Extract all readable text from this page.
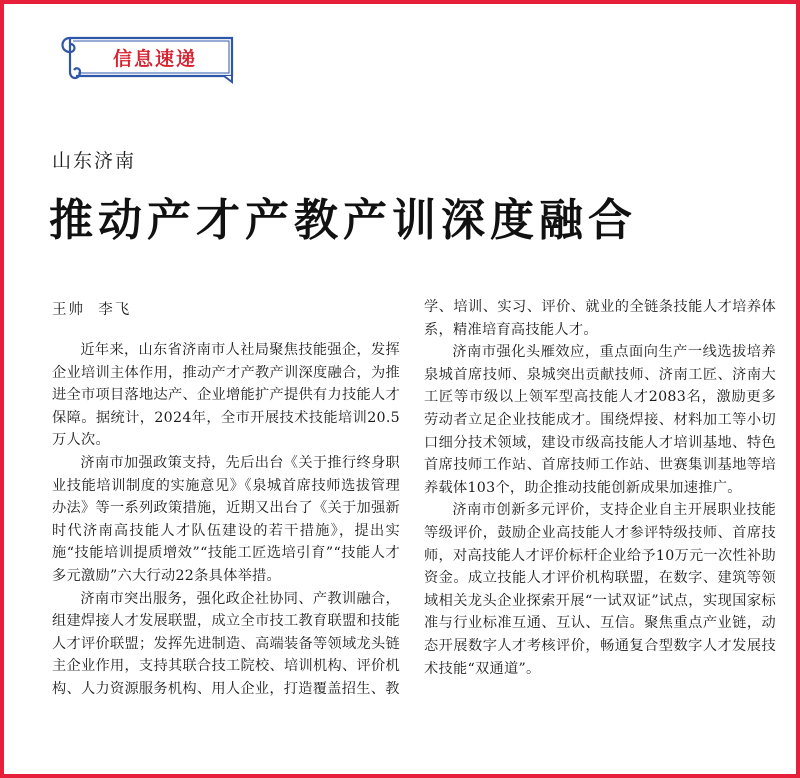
信息速递
山东济南
推动产才产教产训深度融合
王帅  李飞

近年来，山东省济南市人社局聚焦技能强企，发挥企业培训主体作用，推动产才产教产训深度融合，为推进全市项目落地达产、企业增能扩产提供有力技能人才保障。据统计，2024年，全市开展技术技能培训20.5万人次。

济南市加强政策支持，先后出台《关于推行终身职业技能培训制度的实施意见》《泉城首席技师选拔管理办法》等一系列政策措施，近期又出台了《关于加强新时代济南高技能人才队伍建设的若干措施》，提出实施“技能培训提质增效”“技能工匠选培引育”“技能人才多元激励”六大行动22条具体举措。

济南市突出服务，强化政企社协同、产教训融合，组建焊接人才发展联盟，成立全市技工教育联盟和技能人才评价联盟；发挥先进制造、高端装备等领域龙头链主企业作用，支持其联合技工院校、培训机构、评价机构、人力资源服务机构、用人企业，打造覆盖招生、教

学、培训、实习、评价、就业的全链条技能人才培养体系，精准培育高技能人才。

济南市强化头雁效应，重点面向生产一线选拔培养泉城首席技师、泉城突出贡献技师、济南工匠、济南大工匠等市级以上领军型高技能人才2083名，激励更多劳动者立足企业技能成才。围绕焊接、材料加工等小切口细分技术领域，建设市级高技能人才培训基地、特色首席技师工作站、首席技师工作站、世赛集训基地等培养载体103个，助企推动技能创新成果加速推广。

济南市创新多元评价，支持企业自主开展职业技能等级评价，鼓励企业高技能人才参评特级技师、首席技师，对高技能人才评价标杆企业给予10万元一次性补助资金。成立技能人才评价机构联盟，在数字、建筑等领域相关龙头企业探索开展“一试双证”试点，实现国家标准与行业标准互通、互认、互信。聚焦重点产业链，动态开展数字人才考核评价，畅通复合型数字人才发展技术技能“双通道”。
